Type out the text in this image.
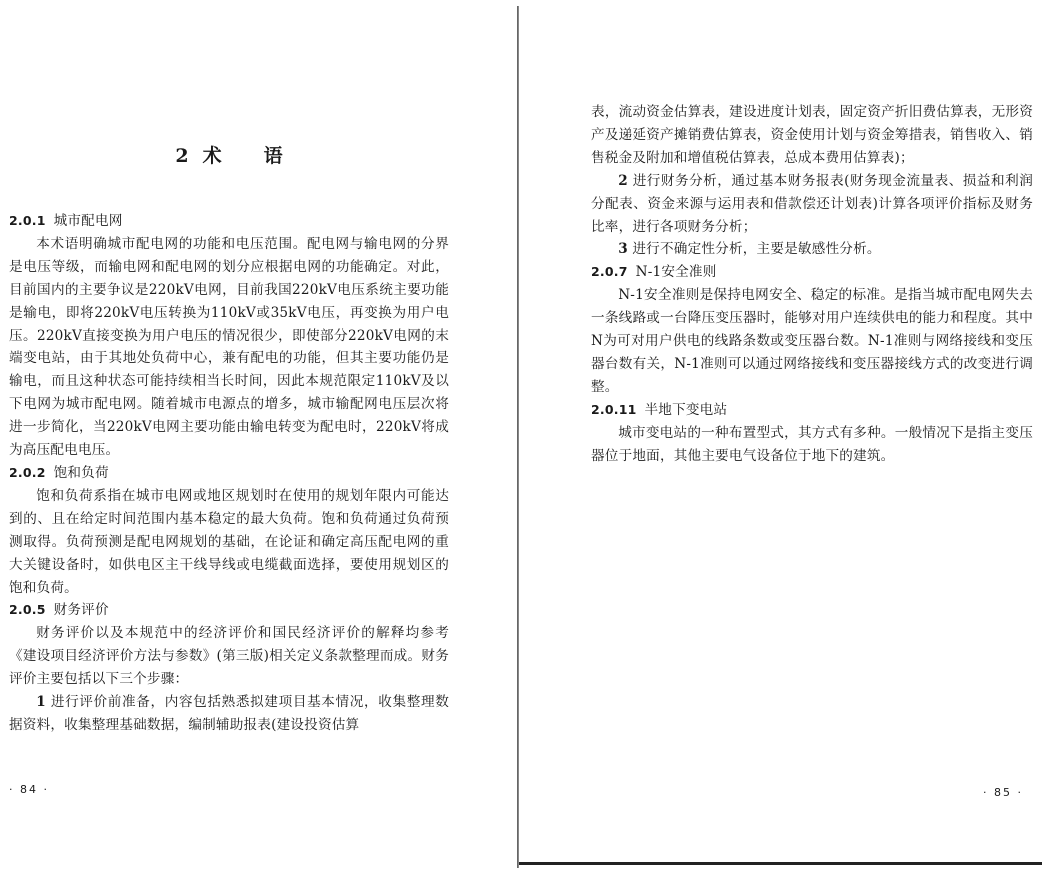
2 术 语

2.0.1 城市配电网

本术语明确城市配电网的功能和电压范围。配电网与输电网的分界是电压等级，而输电网和配电网的划分应根据电网的功能确定。对此，目前国内的主要争议是220kV电网，目前我国220kV电压系统主要功能是输电，即将220kV电压转换为110kV或35kV电压，再变换为用户电压。220kV直接变换为用户电压的情况很少，即使部分220kV电网的末端变电站，由于其地处负荷中心，兼有配电的功能，但其主要功能仍是输电，而且这种状态可能持续相当长时间，因此本规范限定110kV及以下电网为城市配电网。随着城市电源点的增多，城市输配网电压层次将进一步简化，当220kV电网主要功能由输电转变为配电时，220kV将成为高压配电电压。

2.0.2 饱和负荷

饱和负荷系指在城市电网或地区规划时在使用的规划年限内可能达到的、且在给定时间范围内基本稳定的最大负荷。饱和负荷通过负荷预测取得。负荷预测是配电网规划的基础，在论证和确定高压配电网的重大关键设备时，如供电区主干线导线或电缆截面选择，要使用规划区的饱和负荷。

2.0.5 财务评价

财务评价以及本规范中的经济评价和国民经济评价的解释均参考《建设项目经济评价方法与参数》(第三版)相关定义条款整理而成。财务评价主要包括以下三个步骤：

1 进行评价前准备，内容包括熟悉拟建项目基本情况，收集整理数据资料，收集整理基础数据，编制辅助报表(建设投资估算

· 84 ·

表，流动资金估算表，建设进度计划表，固定资产折旧费估算表，无形资产及递延资产摊销费估算表，资金使用计划与资金筹措表，销售收入、销售税金及附加和增值税估算表，总成本费用估算表)；

2 进行财务分析，通过基本财务报表(财务现金流量表、损益和利润分配表、资金来源与运用表和借款偿还计划表)计算各项评价指标及财务比率，进行各项财务分析；

3 进行不确定性分析，主要是敏感性分析。

2.0.7 N-1安全准则

N-1安全准则是保持电网安全、稳定的标准。是指当城市配电网失去一条线路或一台降压变压器时，能够对用户连续供电的能力和程度。其中N为可对用户供电的线路条数或变压器台数。N-1准则与网络接线和变压器台数有关，N-1准则可以通过网络接线和变压器接线方式的改变进行调整。

2.0.11 半地下变电站

城市变电站的一种布置型式，其方式有多种。一般情况下是指主变压器位于地面，其他主要电气设备位于地下的建筑。

· 85 ·
